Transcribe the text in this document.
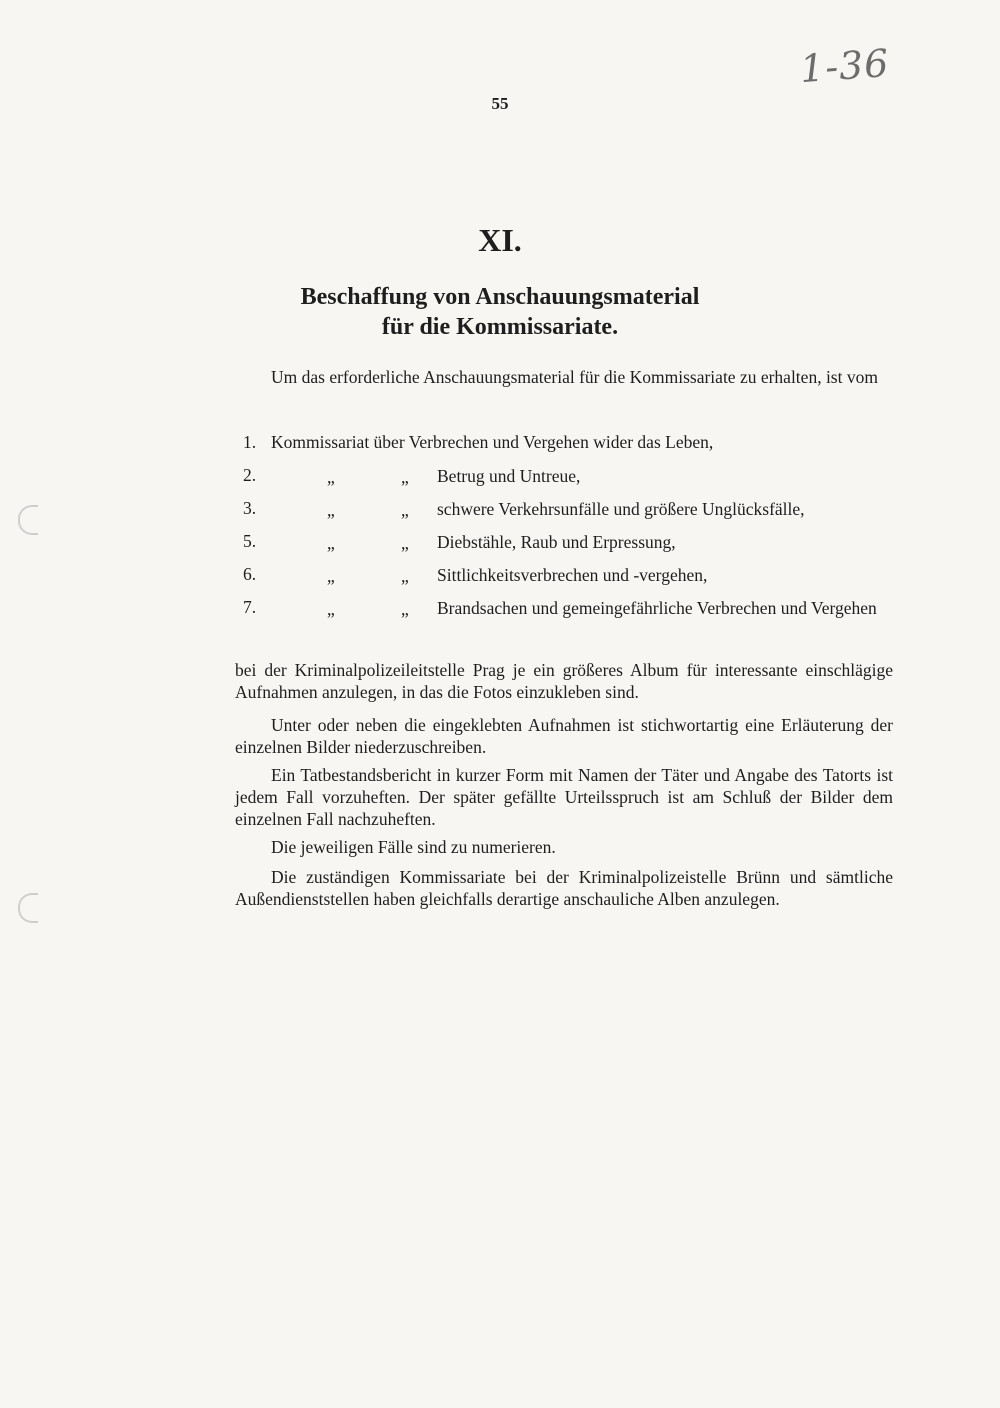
55
1-36
XI.
Beschaffung von Anschauungsmaterial
für die Kommissariate.
Um das erforderliche Anschauungsmaterial für die Kommissariate zu erhalten, ist vom
1. Kommissariat über Verbrechen und Vergehen wider das Leben,
2.	„	„ Betrug und Untreue,
3.	„	„ schwere Verkehrsunfälle und größere Unglücksfälle,
5.	„	„ Diebstähle, Raub und Erpressung,
6.	„	„ Sittlichkeitsverbrechen und -vergehen,
7.	„	„ Brandsachen und gemeingefährliche Verbrechen und Vergehen
bei der Kriminalpolizeileitstelle Prag je ein größeres Album für interessante einschlägige Aufnahmen anzulegen, in das die Fotos einzukleben sind.
Unter oder neben die eingeklebten Aufnahmen ist stichwortartig eine Erläuterung der einzelnen Bilder niederzuschreiben.
Ein Tatbestandsbericht in kurzer Form mit Namen der Täter und Angabe des Tatorts ist jedem Fall vorzuheften. Der später gefällte Urteilsspruch ist am Schluß der Bilder dem einzelnen Fall nachzuheften.
Die jeweiligen Fälle sind zu numerieren.
Die zuständigen Kommissariate bei der Kriminalpolizeistelle Brünn und sämtliche Außendienststellen haben gleichfalls derartige anschauliche Alben anzulegen.
